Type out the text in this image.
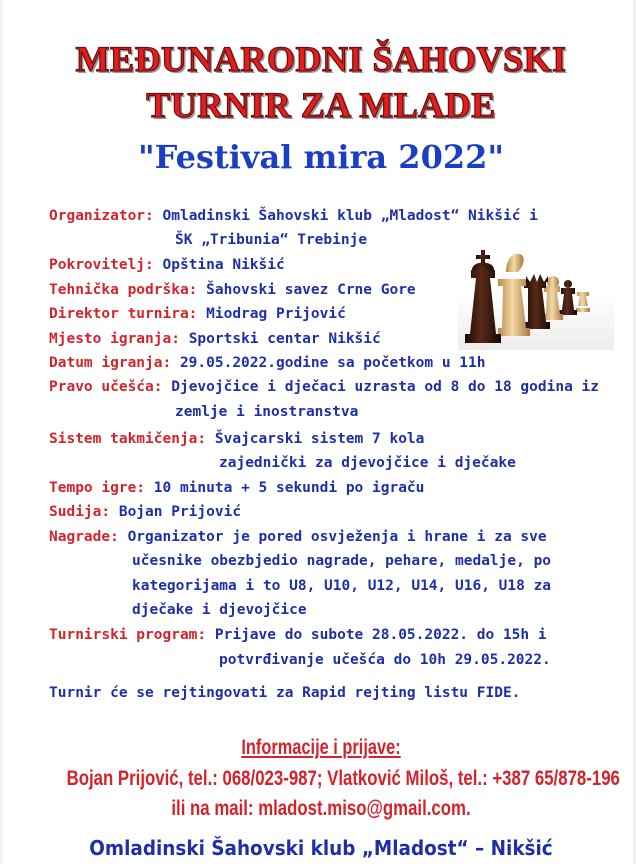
MEĐUNARODNI ŠAHOVSKI
TURNIR ZA MLADE
"Festival mira 2022"
Organizator: Omladinski Šahovski klub „Mladost“ Nikšić i
ŠK „Tribunia“ Trebinje
Pokrovitelj: Opština Nikšić
Tehnička podrška: Šahovski savez Crne Gore
Direktor turnira: Miodrag Prijović
Mjesto igranja: Sportski centar Nikšić
Datum igranja: 29.05.2022.godine sa početkom u 11h
Pravo učešća: Djevojčice i dječaci uzrasta od 8 do 18 godina iz
zemlje i inostranstva
Sistem takmičenja: Švajcarski sistem 7 kola
zajednički za djevojčice i dječake
Tempo igre: 10 minuta + 5 sekundi po igraču
Sudija: Bojan Prijović
Nagrade: Organizator je pored osvježenja i hrane i za sve
učesnike obezbjedio nagrade, pehare, medalje, po
kategorijama i to U8, U10, U12, U14, U16, U18 za
dječake i djevojčice
Turnirski program: Prijave do subote 28.05.2022. do 15h i
potvrđivanje učešća do 10h 29.05.2022.
Turnir će se rejtingovati za Rapid rejting listu FIDE.
Informacije i prijave:
Bojan Prijović, tel.: 068/023-987; Vlatković Miloš, tel.: +387 65/878-196
ili na mail: mladost.miso@gmail.com.
Omladinski Šahovski klub „Mladost“ – Nikšić
